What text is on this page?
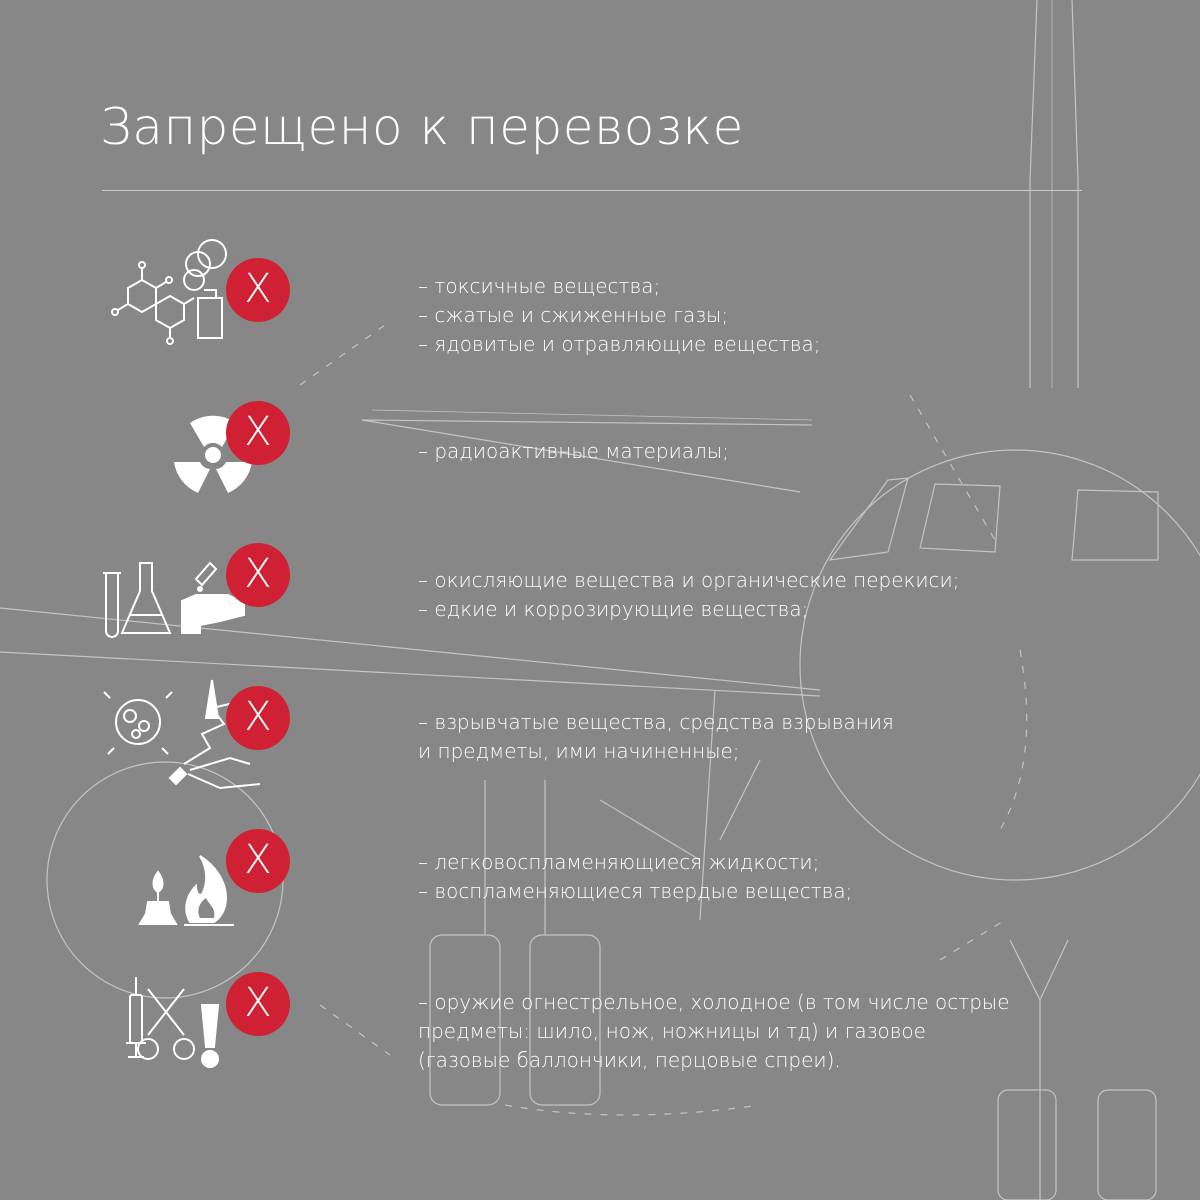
Запрещено к перевозке
X	– токсичные вещества;
– сжатые и сжиженные газы;
– ядовитые и отравляющие вещества;
X	– радиоактивные материалы;
X	– окисляющие вещества и органические перекиси;
– едкие и коррозирующие вещества;
X	– взрывчатые вещества, средства взрывания
и предметы, ими начиненные;
X	– легковоспламеняющиеся жидкости;
– воспламеняющиеся твердые вещества;
X	– оружие огнестрельное, холодное (в том числе острые
предметы: шило, нож, ножницы и тд) и газовое
(газовые баллончики, перцовые спреи).
